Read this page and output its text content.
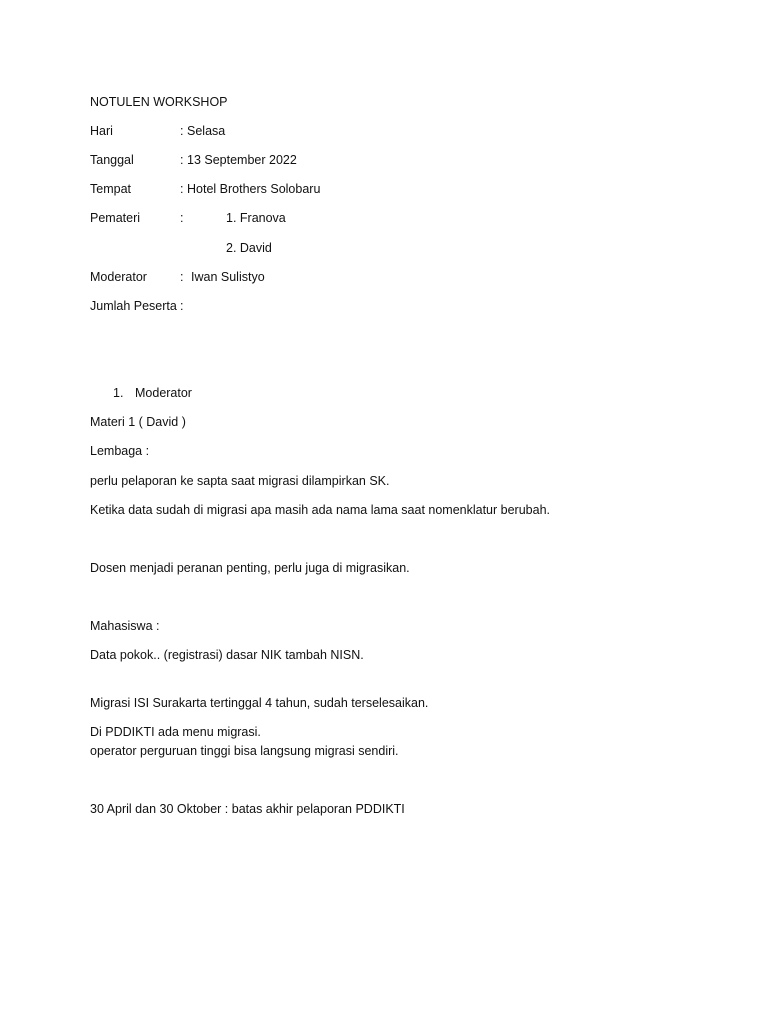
NOTULEN WORKSHOP
Hari	: Selasa
Tanggal	: 13 September 2022
Tempat	: Hotel Brothers Solobaru
Pemateri	:	1. Franova
2. David
Moderator	: Iwan Sulistyo
Jumlah Peserta :
1. Moderator
Materi 1 ( David )
Lembaga :
perlu pelaporan ke sapta saat migrasi dilampirkan SK.
Ketika data sudah di migrasi apa masih ada nama lama saat nomenklatur berubah.
Dosen menjadi peranan penting, perlu juga di migrasikan.
Mahasiswa :
Data pokok.. (registrasi) dasar NIK tambah NISN.
Migrasi ISI Surakarta tertinggal 4 tahun, sudah terselesaikan.
Di PDDIKTI ada menu migrasi.
operator perguruan tinggi bisa langsung migrasi sendiri.
30 April dan 30 Oktober : batas akhir pelaporan PDDIKTI
